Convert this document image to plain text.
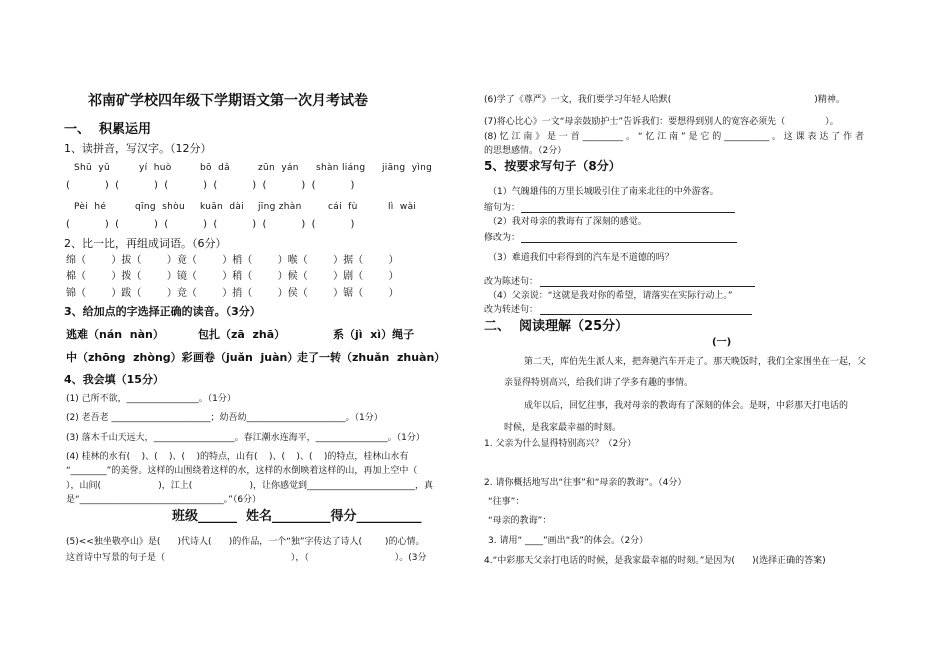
祁南矿学校四年级下学期语文第一次月考试卷
一、  积累运用
1、读拼音，写汉字。（12分）
Shū  yǔ	yí  huò	bō  dǎ	zūn  yán shàn liáng jiāng  yìng
(           )  (           )  (           )  (           )  (           )  (           )
Pèi  hé	qīng  shòu kuān  dài jīng zhàn	cái  fù	lì  wài
(           )  (           )  (           )  (           )  (           )  (           )
2、比一比，再组成词语。（6分）
绵（        ）拔（        ）竟（        ）梢（        ）喉（        ）据（        ）
棉（        ）拨（        ）镜（        ）稍（        ）候（        ）剧（        ）
锦（        ）跋（        ）竞（        ）捎（        ）侯（        ）锯（        ）
3、给加点的字选择正确的读音。（3分）
逃难（nán  nàn）	包扎（zā  zhā）	系（jì  xì）绳子
中（zhōng  zhòng）彩 画卷（juǎn  juàn）
走了一转（zhuǎn  zhuàn）
4、我会填（15分）
(1) 己所不欲，________________。（1分）
(2) 老吾老 ______________________；幼吾幼______________________。（1分）
(3) 落木千山天远大，__________________。春江潮水连海平，________________。（1分）
(4) 桂林的水有(    )、(    )、(    )的特点，山有(    )、(    )、(    )的特点，桂林山水有
“________”的美誉。这样的山围绕着这样的水，这样的水倒映着这样的山，再加上空中（
），山间(                    )，江上(                    )，让你感觉到________________________，真
是“________________________________。”（6分）
班级______  姓名_________得分__________
(5)<<独坐敬亭山》是(      )代诗人(      )的作品，一个“独”字传达了诗人(        )的心情。
这首诗中写景的句子是（                                            ），（                              ）。(3分
(6)学了《尊严》一文，我们要学习年轻人哈默(                                                  )精神。
(7)将心比心》一文“母亲鼓励护士”告诉我们：要想得到别人的宽容必须先（              ）。
(8) 忆 江 南 》 是 一 首 _________ 。 “ 忆 江 南 ” 是 它 的 __________ 。 这 课 表 达 了 作 者
的思想感情。（2分）
5、按要求写句子（8分）
（1）气魄雄伟的万里长城吸引住了南来北往的中外游客。
缩句为：
（2）我对母亲的教诲有了深刻的感觉。
修改为：
（3）难道我们中彩得到的汽车是不道德的吗？
改为陈述句：
（4）父亲说：“这就是我对你的希望，请落实在实际行动上。”
改为转述句：
二、  阅读理解（25分）
(一)
第二天，库伯先生派人来，把奔驰汽车开走了。那天晚饭时，我们全家围坐在一起，父
亲显得特别高兴，给我们讲了学多有趣的事情。
成年以后，回忆往事，我对母亲的教诲有了深刻的体会。是呀，中彩那天打电话的
时候，是我家最幸福的时刻。
1. 父亲为什么显得特别高兴？（2分）
2. 请你概括地写出“往事”和“母亲的教诲”。（4分）
“往事”：
“母亲的教诲”：
3. 请用“ ____”画出“我”的体会。（2分）
4.“中彩那天父亲打电话的时候，是我家最幸福的时刻。”是因为(      )(选择正确的答案)
